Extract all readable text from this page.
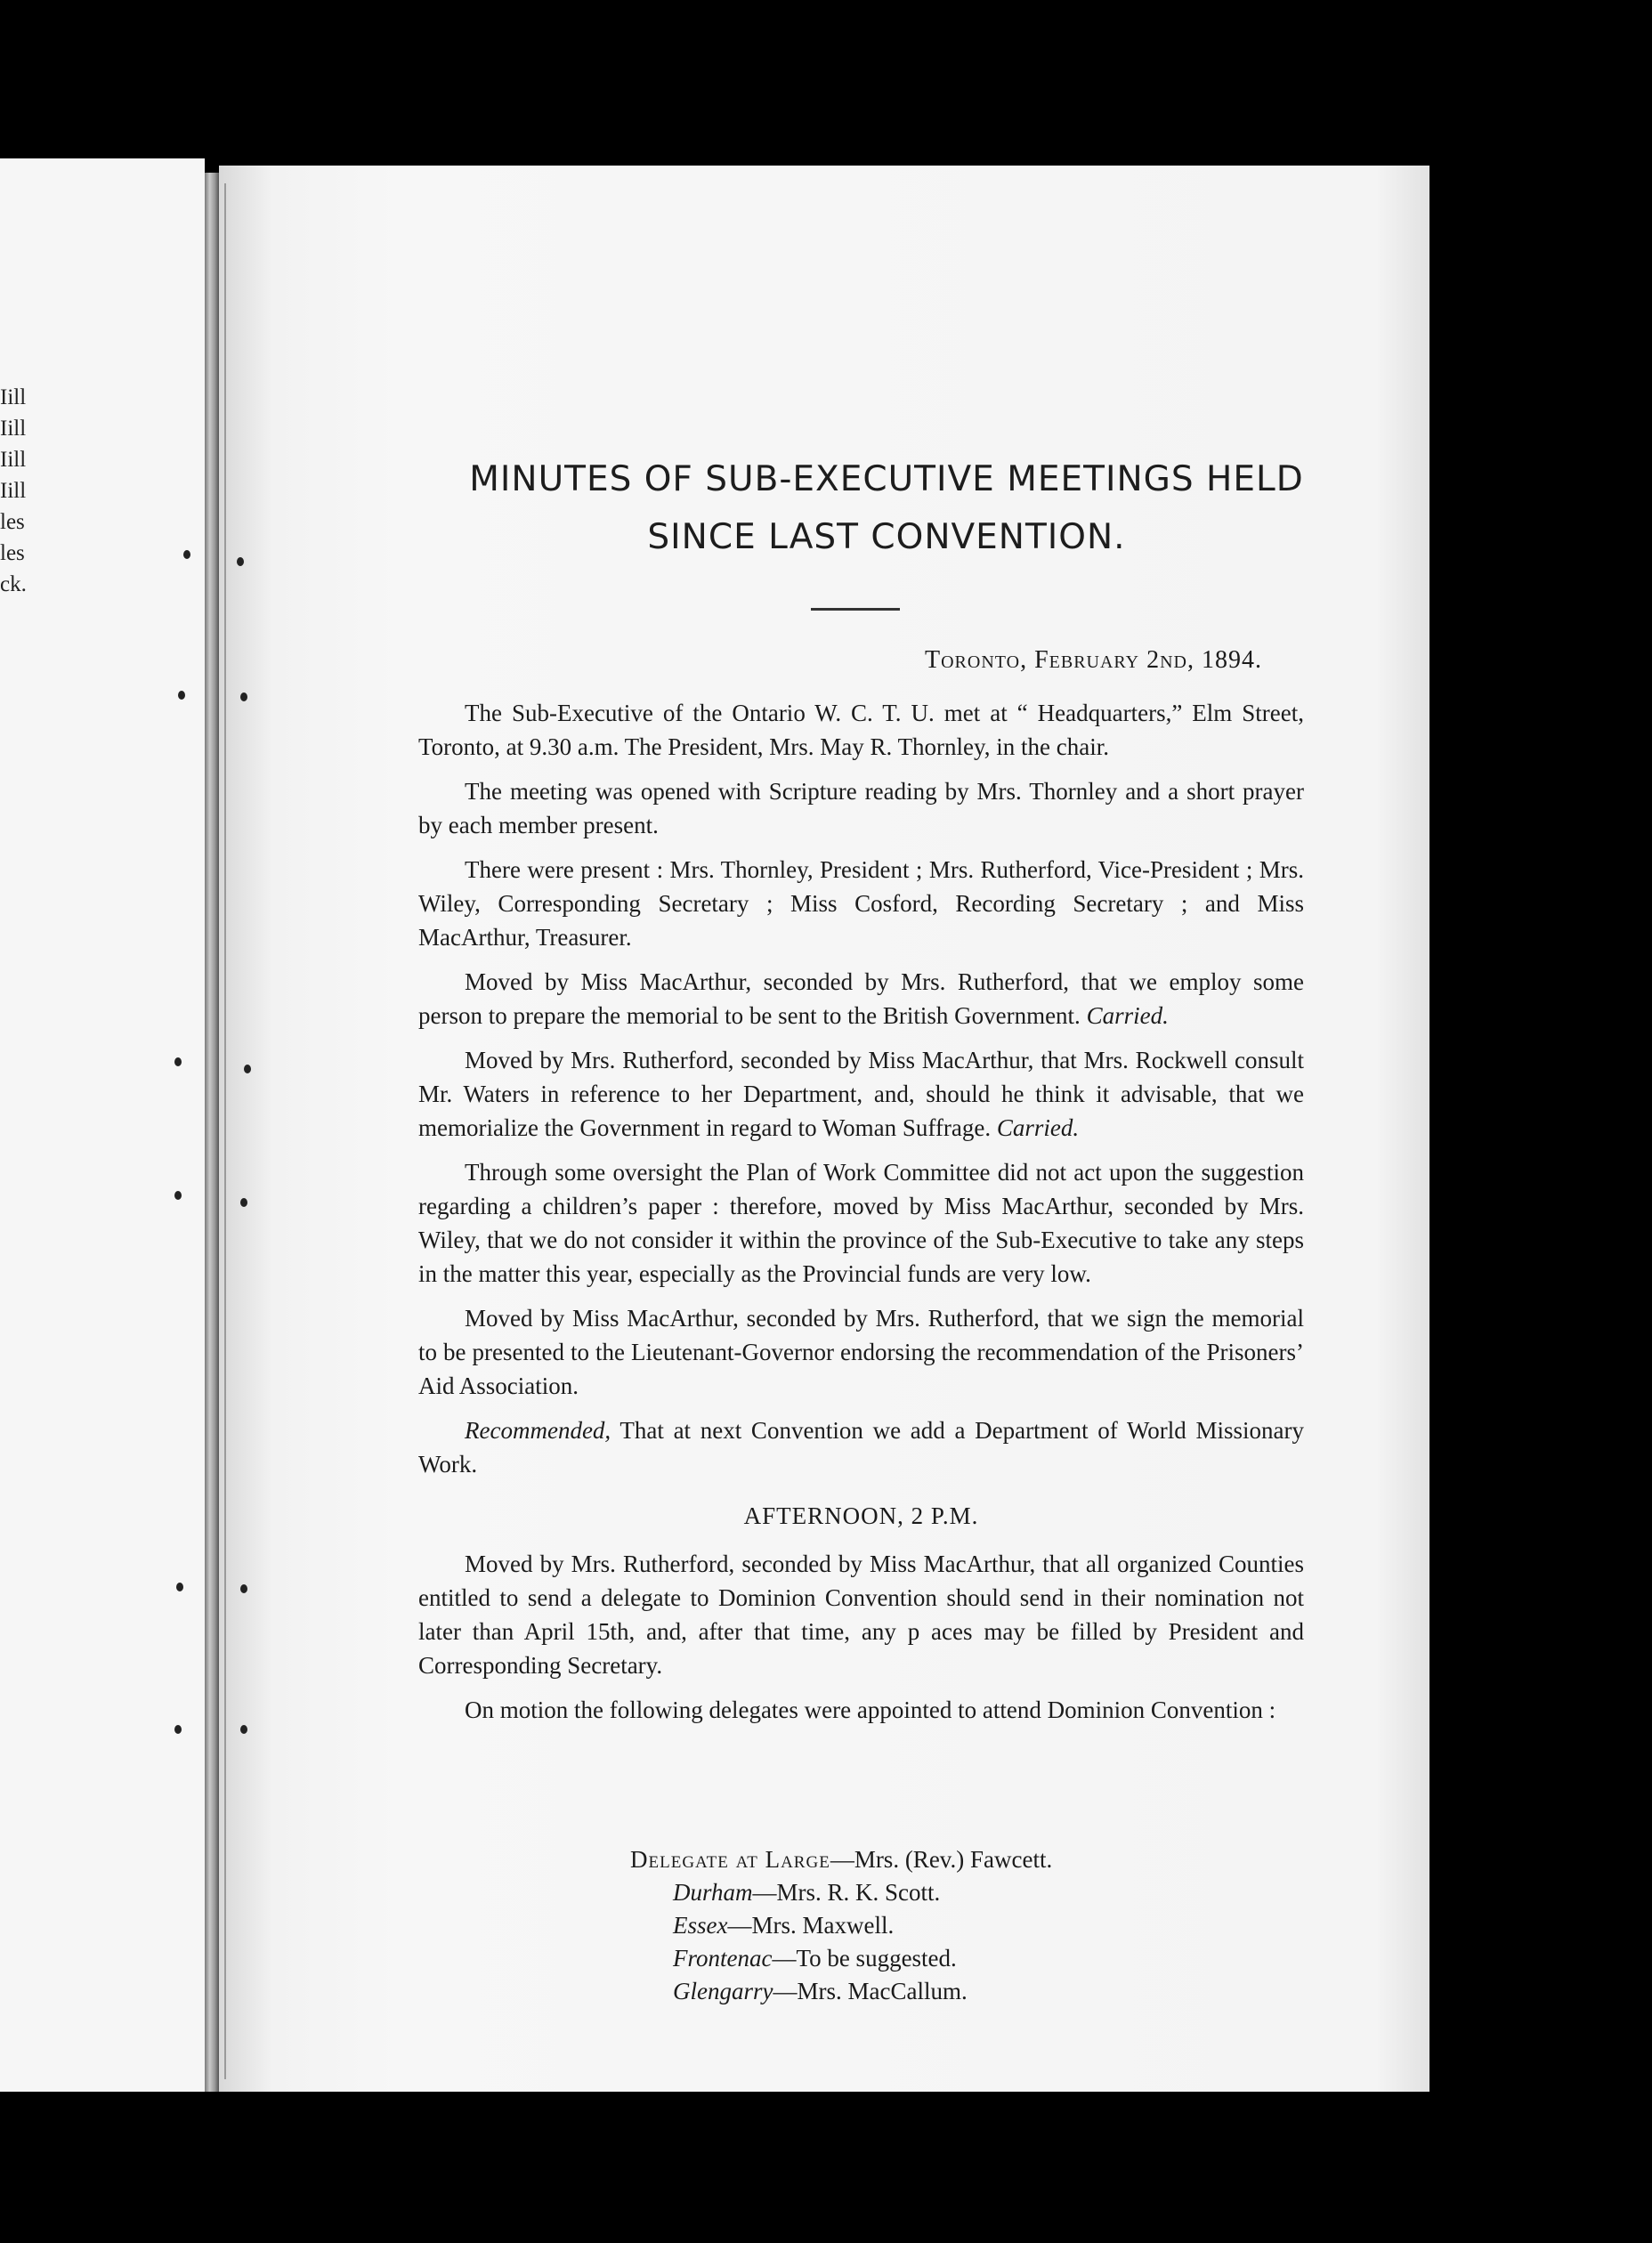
Iill
Iill
Iill
Iill
les
les
ck.
MINUTES OF SUB-EXECUTIVE MEETINGS HELD
SINCE LAST CONVENTION.
Toronto, February 2nd, 1894.

The Sub-Executive of the Ontario W. C. T. U. met at “ Headquarters,” Elm Street, Toronto, at 9.30 a.m. The President, Mrs. May R. Thornley, in the chair.

The meeting was opened with Scripture reading by Mrs. Thornley and a short prayer by each member present.

There were present : Mrs. Thornley, President ; Mrs. Rutherford, Vice-President ; Mrs. Wiley, Corresponding Secretary ; Miss Cosford, Recording Secretary ; and Miss MacArthur, Treasurer.

Moved by Miss MacArthur, seconded by Mrs. Rutherford, that we employ some person to prepare the memorial to be sent to the British Government. Carried.

Moved by Mrs. Rutherford, seconded by Miss MacArthur, that Mrs. Rockwell consult Mr. Waters in reference to her Department, and, should he think it advisable, that we memorialize the Government in regard to Woman Suffrage. Carried.

Through some oversight the Plan of Work Committee did not act upon the suggestion regarding a children’s paper : therefore, moved by Miss MacArthur, seconded by Mrs. Wiley, that we do not consider it within the province of the Sub-Executive to take any steps in the matter this year, especially as the Provincial funds are very low.

Moved by Miss MacArthur, seconded by Mrs. Rutherford, that we sign the memorial to be presented to the Lieutenant-Governor endorsing the recommendation of the Prisoners’ Aid Association.

Recommended, That at next Convention we add a Department of World Missionary Work.

AFTERNOON, 2 P.M.

Moved by Mrs. Rutherford, seconded by Miss MacArthur, that all organized Counties entitled to send a delegate to Dominion Convention should send in their nomination not later than April 15th, and, after that time, any p aces may be filled by President and Corresponding Secretary.

On motion the following delegates were appointed to attend Dominion Convention :

Delegate at Large—Mrs. (Rev.) Fawcett.
Durham—Mrs. R. K. Scott.
Essex—Mrs. Maxwell.
Frontenac—To be suggested.
Glengarry—Mrs. MacCallum.
